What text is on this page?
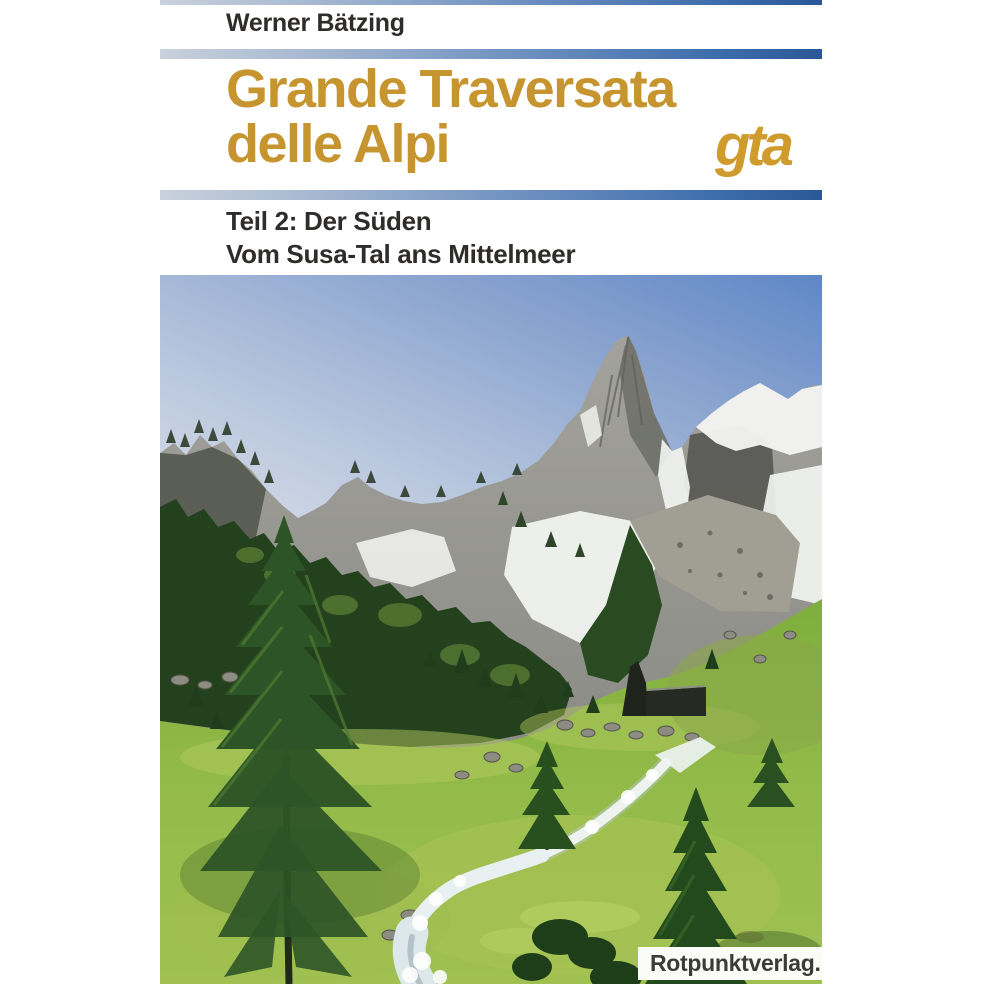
Werner Bätzing
Grande Traversata
delle Alpi	gta
Teil 2: Der Süden
Vom Susa-Tal ans Mittelmeer
Rotpunktverlag.
